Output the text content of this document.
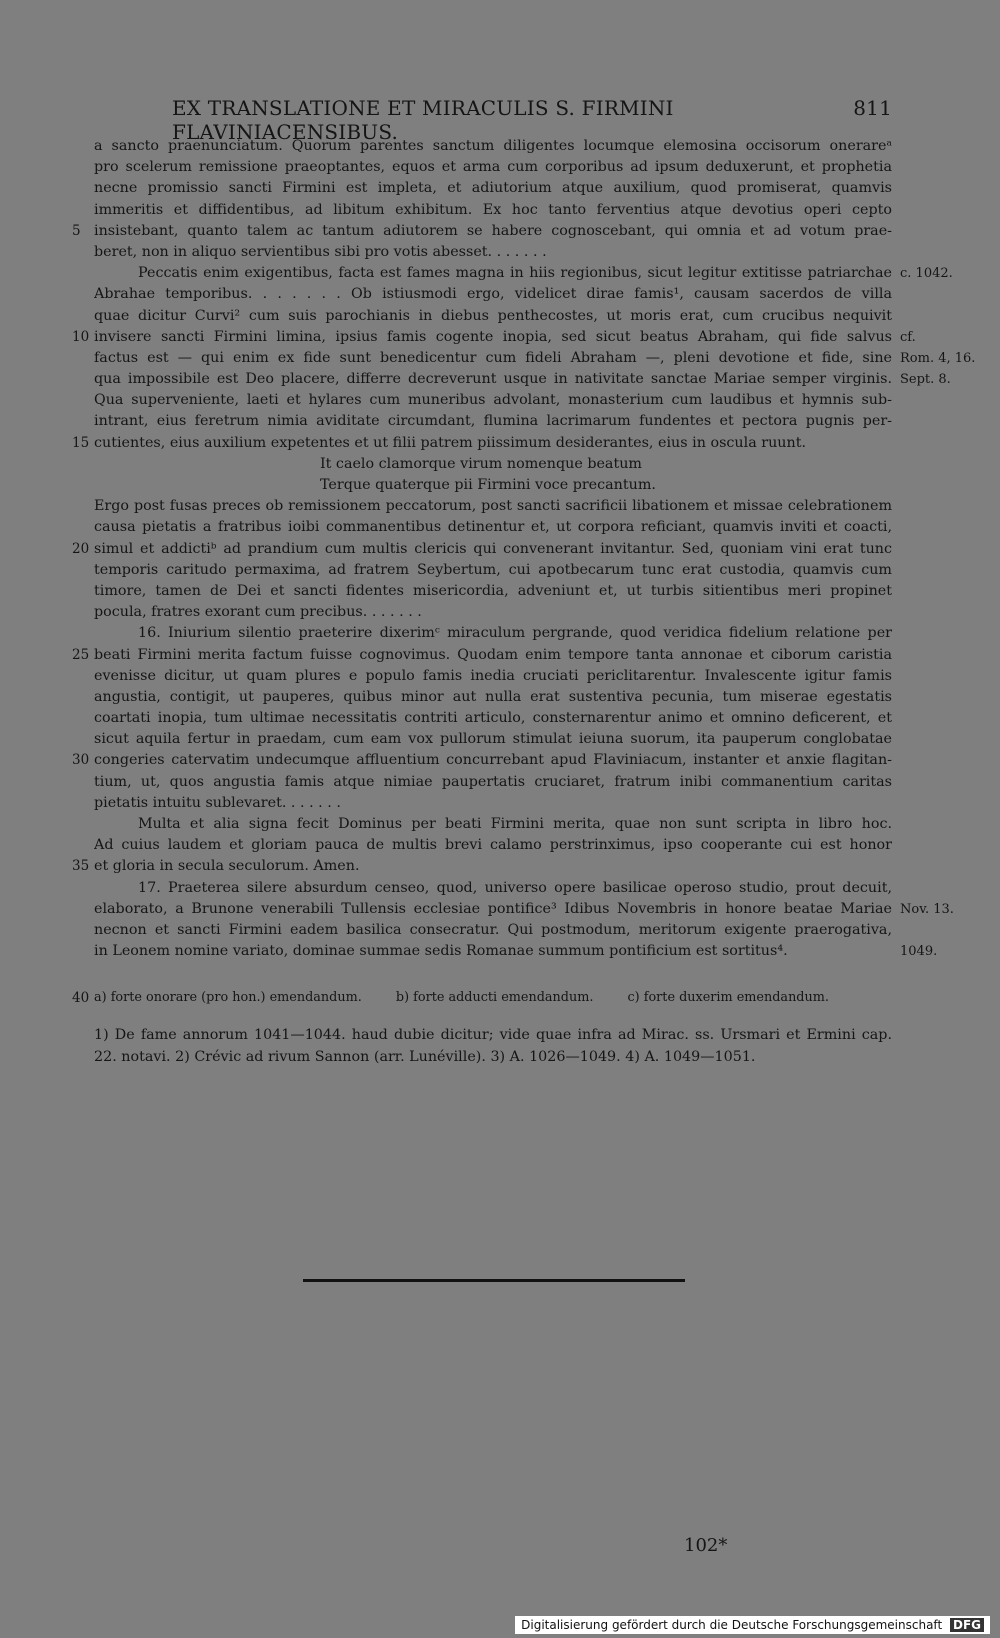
EX TRANSLATIONE ET MIRACULIS S. FIRMINI FLAVINIACENSIBUS.
811
a sancto praenunciatum. Quorum parentes sanctum diligentes locumque elemosina occisorum onerareᵃ
pro scelerum remissione praeoptantes, equos et arma cum corporibus ad ipsum deduxerunt, et prophetia
necne promissio sancti Firmini est impleta, et adiutorium atque auxilium, quod promiserat, quamvis
immeritis et diffidentibus, ad libitum exhibitum. Ex hoc tanto ferventius atque devotius operi cepto
5 insistebant, quanto talem ac tantum adiutorem se habere cognoscebant, qui omnia et ad votum prae-
beret, non in aliquo servientibus sibi pro votis abesset. . . . . . .
Peccatis enim exigentibus, facta est fames magna in hiis regionibus, sicut legitur extitisse patriarchae c. 1042.
Abrahae temporibus. . . . . . . Ob istiusmodi ergo, videlicet dirae famis¹, causam sacerdos de villa
quae dicitur Curvi² cum suis parochianis in diebus penthecostes, ut moris erat, cum crucibus nequivit
10 invisere sancti Firmini limina, ipsius famis cogente inopia, sed sicut beatus Abraham, qui fide salvus cf.
factus est — qui enim ex fide sunt benedicentur cum fideli Abraham —, pleni devotione et fide, sine Rom. 4, 16.
qua impossibile est Deo placere, differre decreverunt usque in nativitate sanctae Mariae semper virginis. Sept. 8.
Qua superveniente, laeti et hylares cum muneribus advolant, monasterium cum laudibus et hymnis sub-
intrant, eius feretrum nimia aviditate circumdant, flumina lacrimarum fundentes et pectora pugnis per-
15 cutientes, eius auxilium expetentes et ut filii patrem piissimum desiderantes, eius in oscula ruunt.
It caelo clamorque virum nomenque beatum
Terque quaterque pii Firmini voce precantum.
Ergo post fusas preces ob remissionem peccatorum, post sancti sacrificii libationem et missae celebrationem
causa pietatis a fratribus ioibi commanentibus detinentur et, ut corpora reficiant, quamvis inviti et coacti,
20 simul et addictiᵇ ad prandium cum multis clericis qui convenerant invitantur. Sed, quoniam vini erat tunc
temporis caritudo permaxima, ad fratrem Seybertum, cui apotbecarum tunc erat custodia, quamvis cum
timore, tamen de Dei et sancti fidentes misericordia, adveniunt et, ut turbis sitientibus meri propinet
pocula, fratres exorant cum precibus. . . . . . .
16. Iniurium silentio praeterire dixerimᶜ miraculum pergrande, quod veridica fidelium relatione per
25 beati Firmini merita factum fuisse cognovimus. Quodam enim tempore tanta annonae et ciborum caristia
evenisse dicitur, ut quam plures e populo famis inedia cruciati periclitarentur. Invalescente igitur famis
angustia, contigit, ut pauperes, quibus minor aut nulla erat sustentiva pecunia, tum miserae egestatis
coartati inopia, tum ultimae necessitatis contriti articulo, consternarentur animo et omnino deficerent, et
sicut aquila fertur in praedam, cum eam vox pullorum stimulat ieiuna suorum, ita pauperum conglobatae
30 congeries catervatim undecumque affluentium concurrebant apud Flaviniacum, instanter et anxie flagitan-
tium, ut, quos angustia famis atque nimiae paupertatis cruciaret, fratrum inibi commanentium caritas
pietatis intuitu sublevaret. . . . . . .
Multa et alia signa fecit Dominus per beati Firmini merita, quae non sunt scripta in libro hoc.
Ad cuius laudem et gloriam pauca de multis brevi calamo perstrinximus, ipso cooperante cui est honor
35 et gloria in secula seculorum. Amen.
17. Praeterea silere absurdum censeo, quod, universo opere basilicae operoso studio, prout decuit,
elaborato, a Brunone venerabili Tullensis ecclesiae pontifice³ Idibus Novembris in honore beatae Mariae Nov. 13.
necnon et sancti Firmini eadem basilica consecratur. Qui postmodum, meritorum exigente praerogativa,
in Leonem nomine variato, dominae summae sedis Romanae summum pontificium est sortitus⁴.	1049.
40 a) forte onorare (pro hon.) emendandum.	b) forte adducti emendandum.	c) forte duxerim emendandum.
1) De fame annorum 1041—1044. haud dubie dicitur; vide quae infra ad Mirac. ss. Ursmari et Ermini cap. 22. notavi. 2) Crévic ad rivum Sannon (arr. Lunéville). 3) A. 1026—1049. 4) A. 1049—1051.
102*
Digitalisierung gefördert durch die Deutsche Forschungsgemeinschaft DFG
